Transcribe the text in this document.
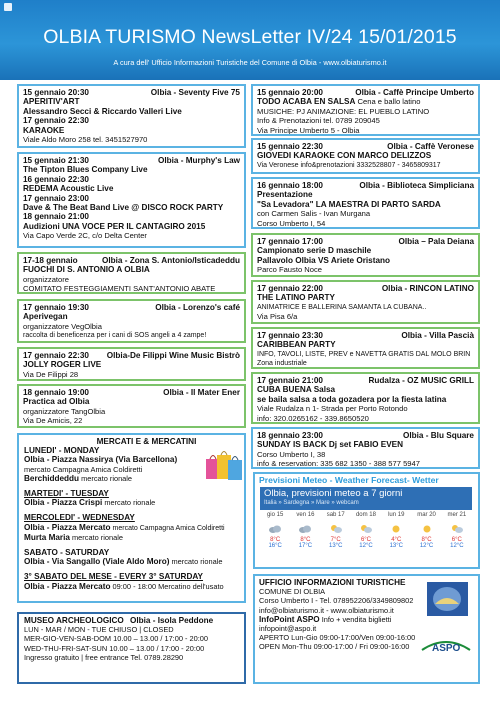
OLBIA TURISMO NewsLetter IV/24 15/01/2015
A cura dell' Ufficio Informazioni Turistiche del Comune di Olbia - www.olbiaturismo.it
15 gennaio 20:30	Olbia - Seventy Five 75
APERITIV'ART
Alessandro Secci & Riccardo Valleri Live
17 gennaio 22:30
KARAOKE
Viale Aldo Moro 258 tel. 3451527970
15 gennaio 21:30	Olbia - Murphy's Law
The Tipton Blues Company Live
16 gennaio 22:30
REDEMA Acoustic Live
17 gennaio 23:00
Dave & The Beat Band Live @ DISCO ROCK PARTY
18 gennaio 21:00
Audizioni UNA VOCE PER IL CANTAGIRO 2015
Via Capo Verde 2C, c/o Delta Center
17-18 gennaio	Olbia - Zona S. Antonio/Isticadeddu
FUOCHI DI S. ANTONIO A OLBIA
organizzatore
COMITATO FESTEGGIAMENTI SANT'ANTONIO ABATE
17 gennaio 19:30	Olbia - Lorenzo's café
Aperivegan
organizzatore VegOlbia
raccolta di beneficenza per i cani di SOS angeli a 4 zampe!
17 gennaio 22:30 Olbia-De Filippi Wine Music Bistrò
JOLLY ROGER LIVE
Via De Filippi 28
18 gennaio 19:00	Olbia - Il Mater Ener
Practica ad Olbia
organizzatore TangOlbia
Via De Amicis, 22
MERCATI E & MERCATINI
LUNEDI' - MONDAY
Olbia - Piazza Nassiryа (Via Barcellona)
mercato Campagna Amica Coldiretti
Berchiddeddu mercato rionale
MARTEDI' - TUESDAY
Olbia - Piazza Crispi mercato rionale
MERCOLEDI' - WEDNESDAY
Olbia - Piazza Mercato mercato Campagna Amica Coldiretti
Murta Maria mercato rionale
SABATO - SATURDAY
Olbia - Via Sangallo (Viale Aldo Moro) mercato rionale
3° SABATO DEL MESE - EVERY 3° SATURDAY
Olbia - Piazza Mercato 09:00 - 18:00 Mercatino dell'usato
MUSEO ARCHEOLOGICO Olbia - Isola Peddone
LUN - MAR / MON - TUE CHIUSO | CLOSED
MER-GIO-VEN-SAB-DOM 10.00 – 13.00 / 17:00 - 20:00
WED-THU-FRI-SAT-SUN 10.00 – 13.00 / 17:00 - 20:00
Ingresso gratuito | free entrance Tel. 0789.28290
15 gennaio 20:00	Olbia - Caffè Principe Umberto
TODO ACABA EN SALSA Cena e ballo latino
MUSICHE: PJ ANIMAZIONE: EL PUEBLO LATINO
Info & Prenotazioni tel. 0789 209045
Via Principe Umberto 5 - Olbia
15 gennaio 22:30	Olbia - Caffè Veronese
GIOVEDI KARAOKE CON MARCO DELIZZOS
Via Veronese info&prenotazioni 3332528807 - 3465809317
16 gennaio 18:00	Olbia - Biblioteca Simpliciana
Presentazione
"Sa Levadora" LA MAESTRA DI PARTO SARDA
con Carmen Salis - Ivan Murgana
Corso Umberto I, 54
17 gennaio 17:00	Olbia – Pala Deiana
Campionato serie D maschile
Pallavolo Olbia VS Ariete Oristano
Parco Fausto Noce
17 gennaio 22:00	Olbia - RINCON LATINO
THE LATINO PARTY
ANIMATRICE E BALLERINA SAMANTA LA CUBANA..
Via Pisa 6/a
17 gennaio 23:30	Olbia - Villa Pascià
CARIBBEAN PARTY
INFO, TAVOLI, LISTE, PREV e NAVETTA GRATIS DAL MOLO BRIN
Zona industriale
17 gennaio 21:00	Rudalza - OZ MUSIC GRILL
CUBA BUENA Salsa
se baila salsa a toda gozadera por la fiesta latina
Viale Rudalza n 1- Strada per Porto Rotondo
info: 320.0265162 - 339.8650520
18 gennaio 23:00	Olbia - Blu Square
SUNDAY IS BACK Dj set FABIO EVEN
Corso Umberto I, 38
info & reservation: 335 682 1350 - 388 577 5947
Previsioni Meteo - Weather Forecast- Wetter
Olbia, previsioni meteo a 7 giorni
Italia » Sardegna » Mare » webcam
gio 15
8°C
16°C
ven 16
8°C
17°C
sab 17
7°C
13°C
dom 18
6°C
12°C
lun 19
4°C
13°C
mar 20
8°C
12°C
mer 21
6°C
12°C
UFFICIO INFORMAZIONI TURISTICHE
COMUNE DI OLBIA
Corso Umberto I - Tel. 078952206/3349809802
info@olbiaturismo.it - www.olbiaturismo.it
InfoPoint ASPO Info + vendita biglietti
infopoint@aspo.it
APERTO Lun-Gio 09:00-17:00/Ven 09:00-16:00
OPEN Mon-Thu 09:00-17:00 / Fri 09:00-16:00	ASPO
